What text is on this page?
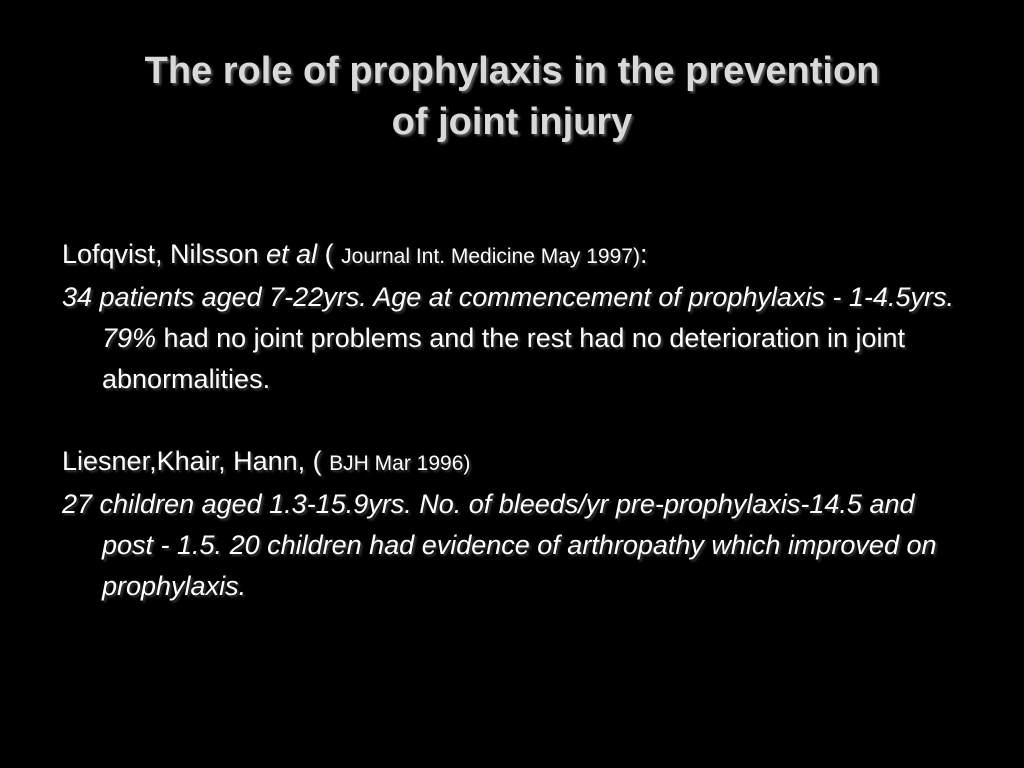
The role of prophylaxis in the prevention
of joint injury

Lofqvist, Nilsson et al ( Journal Int. Medicine May 1997):

34 patients aged 7-22yrs. Age at commencement of prophylaxis - 1-4.5yrs. 79% had no joint problems and the rest had no deterioration in joint abnormalities.

Liesner,Khair, Hann, ( BJH Mar 1996)

27 children aged 1.3-15.9yrs. No. of bleeds/yr pre-prophylaxis-14.5 and post - 1.5. 20 children had evidence of arthropathy which improved on prophylaxis.
